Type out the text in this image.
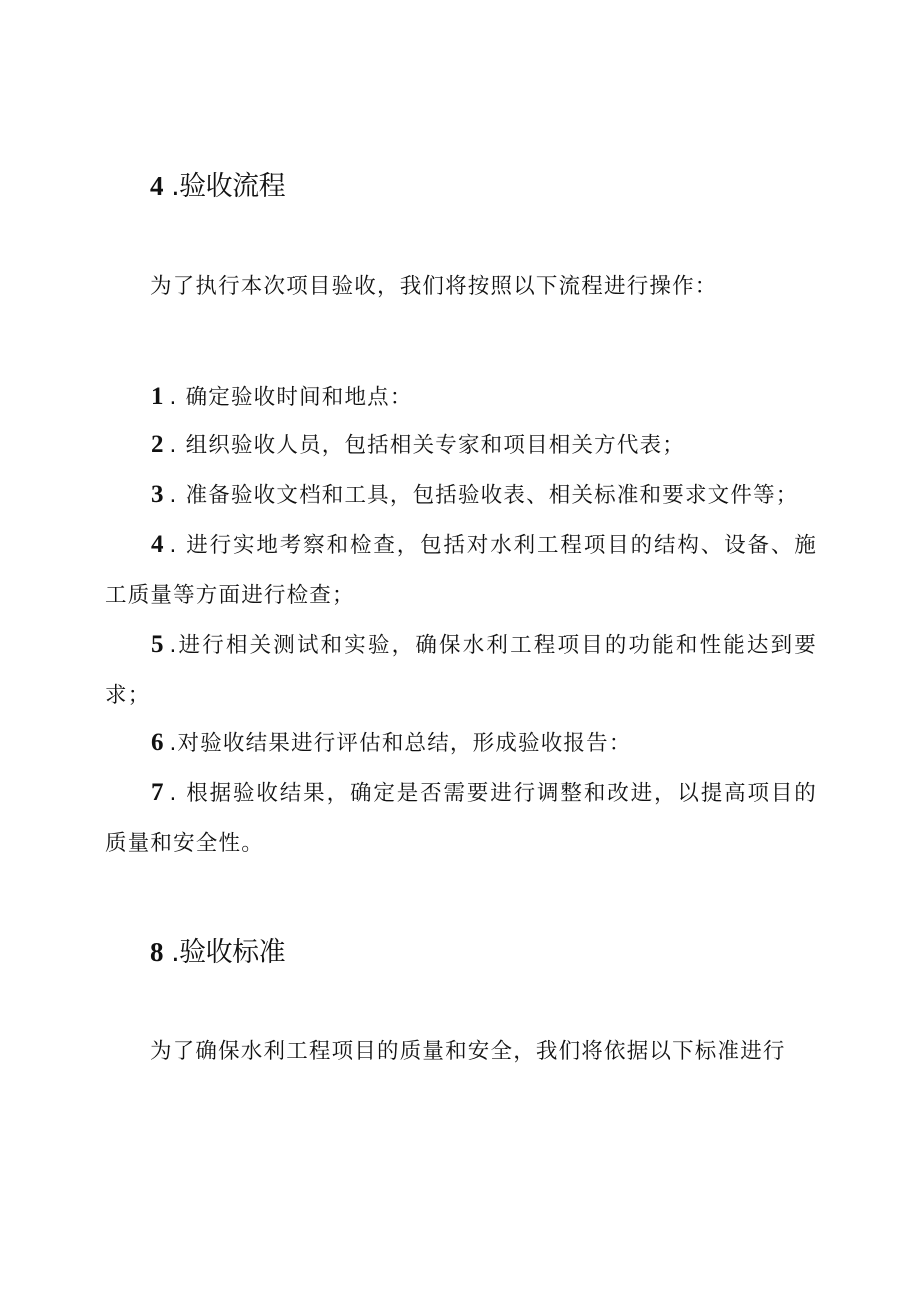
4 .验收流程
为了执行本次项目验收，我们将按照以下流程进行操作：
1 . 确定验收时间和地点：
2 . 组织验收人员，包括相关专家和项目相关方代表；
3 . 准备验收文档和工具，包括验收表、相关标准和要求文件等；
4 . 进行实地考察和检查，包括对水利工程项目的结构、设备、施工质量等方面进行检查；
5 .进行相关测试和实验，确保水利工程项目的功能和性能达到要求；
6 .对验收结果进行评估和总结，形成验收报告：
7 . 根据验收结果，确定是否需要进行调整和改进，以提高项目的质量和安全性。
8 .验收标准
为了确保水利工程项目的质量和安全，我们将依据以下标准进行
